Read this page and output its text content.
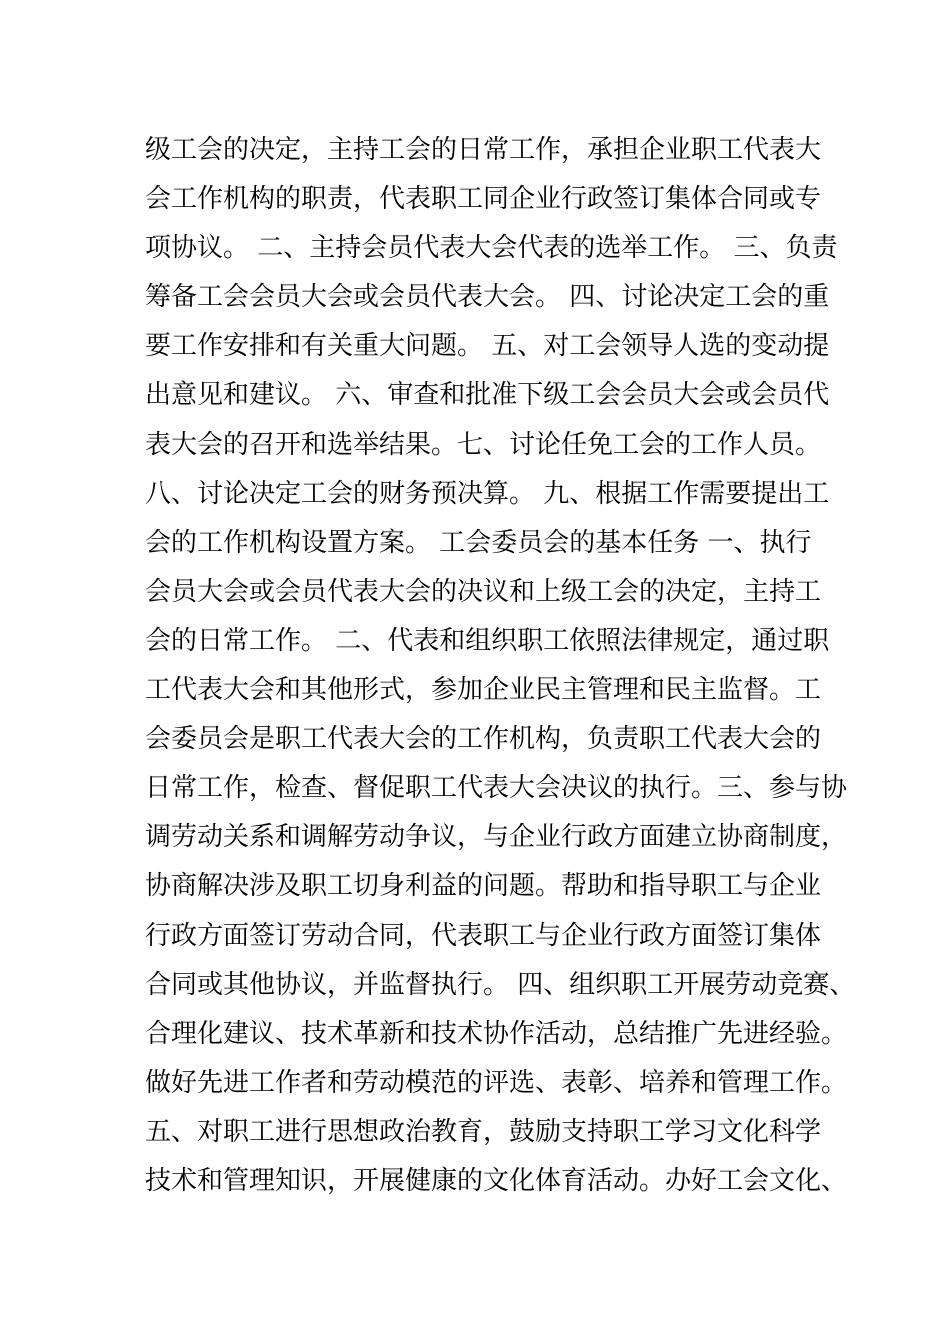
级工会的决定，主持工会的日常工作，承担企业职工代表大
会工作机构的职责，代表职工同企业行政签订集体合同或专
项协议。 二、主持会员代表大会代表的选举工作。 三、负责
筹备工会会员大会或会员代表大会。 四、讨论决定工会的重
要工作安排和有关重大问题。 五、对工会领导人选的变动提
出意见和建议。 六、审查和批准下级工会会员大会或会员代
表大会的召开和选举结果。七、讨论任免工会的工作人员。
八、讨论决定工会的财务预决算。 九、根据工作需要提出工
会的工作机构设置方案。 工会委员会的基本任务 一、执行
会员大会或会员代表大会的决议和上级工会的决定，主持工
会的日常工作。 二、代表和组织职工依照法律规定，通过职
工代表大会和其他形式，参加企业民主管理和民主监督。工
会委员会是职工代表大会的工作机构，负责职工代表大会的
日常工作，检查、督促职工代表大会决议的执行。三、参与协
调劳动关系和调解劳动争议，与企业行政方面建立协商制度，
协商解决涉及职工切身利益的问题。帮助和指导职工与企业
行政方面签订劳动合同，代表职工与企业行政方面签订集体
合同或其他协议，并监督执行。 四、组织职工开展劳动竞赛、
合理化建议、技术革新和技术协作活动，总结推广先进经验。
做好先进工作者和劳动模范的评选、表彰、培养和管理工作。
五、对职工进行思想政治教育，鼓励支持职工学习文化科学
技术和管理知识，开展健康的文化体育活动。办好工会文化、
